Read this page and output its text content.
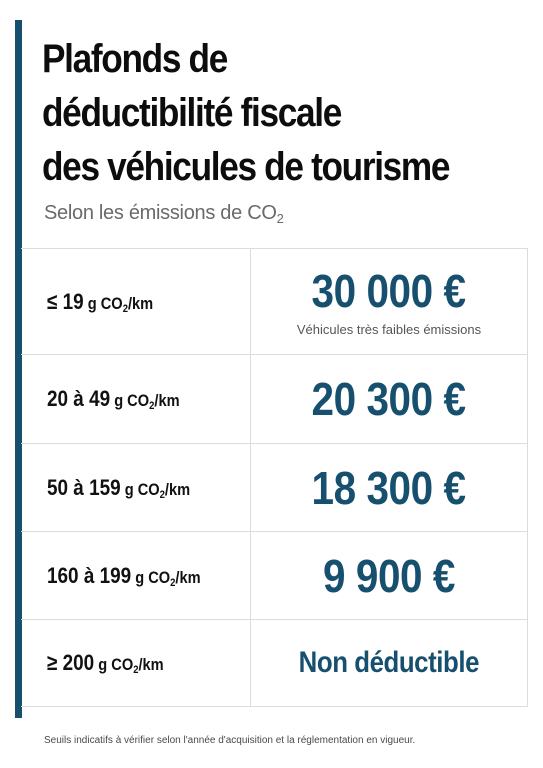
Plafonds de
déductibilité fiscale
des véhicules de tourisme
Selon les émissions de $CO_2$
≤ 19 g $CO_2/km$	30 000 €
Véhicules très faibles émissions
20 à 49 g $CO_2/km$	20 300 €
50 à 159 g $CO_2/km$	18 300 €
160 à 199 g $CO_2/km$	9 900 €
≥ 200 g $CO_2/km$	Non déductible
Seuils indicatifs à vérifier selon l'année d'acquisition et la réglementation en vigueur.
